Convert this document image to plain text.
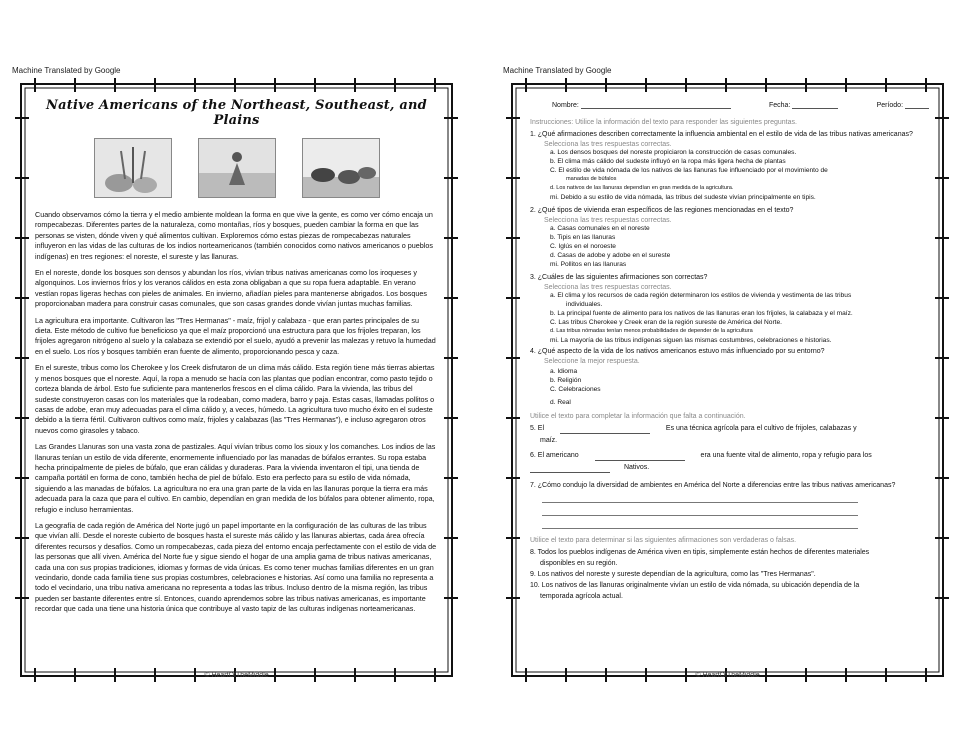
Machine Translated by Google	Machine Translated by Google
Native Americans of the Northeast, Southeast, and Plains

Cuando observamos cómo la tierra y el medio ambiente moldean la forma en que vive la gente, es como ver cómo encaja un rompecabezas. Diferentes partes de la naturaleza, como montañas, ríos y bosques, pueden cambiar la forma en que las personas se visten, dónde viven y qué alimentos cultivan. Exploremos cómo estas piezas de rompecabezas naturales influyeron en las vidas de las culturas de los indios norteamericanos (también conocidos como nativos americanos o pueblos indígenas) en tres regiones: el noreste, el sureste y las llanuras.

En el noreste, donde los bosques son densos y abundan los ríos, vivían tribus nativas americanas como los iroqueses y algonquinos. Los inviernos fríos y los veranos cálidos en esta zona obligaban a que su ropa fuera adaptable. En verano vestían ropas ligeras hechas con pieles de animales. En invierno, añadían pieles para mantenerse abrigados. Los bosques proporcionaban madera para construir casas comunales, que son casas grandes donde vivían juntas muchas familias.

La agricultura era importante. Cultivaron las "Tres Hermanas" - maíz, frijol y calabaza - que eran partes principales de su dieta. Este método de cultivo fue beneficioso ya que el maíz proporcionó una estructura para que los frijoles treparan, los frijoles agregaron nitrógeno al suelo y la calabaza se extendió por el suelo, ayudó a prevenir las malezas y retuvo la humedad en el suelo. Los ríos y bosques también eran fuente de alimento, proporcionando pesca y caza.

En el sureste, tribus como los Cherokee y los Creek disfrutaron de un clima más cálido. Esta región tiene más tierras abiertas y menos bosques que el noreste. Aquí, la ropa a menudo se hacía con las plantas que podían encontrar, como pasto tejido o corteza blanda de árbol. Esto fue suficiente para mantenerlos frescos en el clima cálido. Para la vivienda, las tribus del sudeste construyeron casas con los materiales que la rodeaban, como madera, barro y paja. Estas casas, llamadas pollitos o casas de adobe, eran muy adecuadas para el clima cálido y, a veces, húmedo. La agricultura tuvo mucho éxito en el sudeste debido a la tierra fértil. Cultivaron cultivos como maíz, frijoles y calabazas (las "Tres Hermanas"), e incluso agregaron otros nuevos como girasoles y tabaco.

Las Grandes Llanuras son una vasta zona de pastizales. Aquí vivían tribus como los sioux y los comanches. Los indios de las llanuras tenían un estilo de vida diferente, enormemente influenciado por las manadas de búfalos errantes. Su ropa estaba hecha principalmente de pieles de búfalo, que eran cálidas y duraderas. Para la vivienda inventaron el tipi, una tienda de campaña portátil en forma de cono, también hecha de piel de búfalo. Esto era perfecto para su estilo de vida nómada, siguiendo a las manadas de búfalos. La agricultura no era una gran parte de la vida en las llanuras porque la tierra era más adecuada para la caza que para el cultivo. En cambio, dependían en gran medida de los búfalos para obtener alimento, ropa, refugio e incluso herramientas.

La geografía de cada región de América del Norte jugó un papel importante en la configuración de las culturas de las tribus que vivían allí. Desde el noreste cubierto de bosques hasta el sureste más cálido y las llanuras abiertas, cada área ofrecía diferentes recursos y desafíos. Como un rompecabezas, cada pieza del entorno encaja perfectamente con el estilo de vida de las personas que allí viven. América del Norte fue y sigue siendo el hogar de una amplia gama de tribus nativas americanas, cada una con sus propias tradiciones, idiomas y formas de vida únicas. Es como tener muchas familias diferentes en un gran vecindario, donde cada familia tiene sus propias costumbres, celebraciones e historias. Así como una familia no representa a todo el vecindario, una tribu nativa americana no representa a todas las tribus. Incluso dentro de la misma región, las tribus pueden ser bastante diferentes entre sí. Entonces, cuando aprendemos sobre las tribus nativas americanas, es importante recordar que cada una tiene una historia única que contribuye al vasto tapiz de las culturas indígenas norteamericanas.

© HeartOfTheMiddle
Nombre:	Fecha:	Período:
Instrucciones: Utilice la información del texto para responder las siguientes preguntas.
1. ¿Qué afirmaciones describen correctamente la influencia ambiental en el estilo de vida de las tribus nativas americanas?
Selecciona las tres respuestas correctas.
a. Los densos bosques del noreste propiciaron la construcción de casas comunales.
b. El clima más cálido del sudeste influyó en la ropa más ligera hecha de plantas
C. El estilo de vida nómada de los nativos de las llanuras fue influenciado por el movimiento de
manadas de búfalos
d. Los nativos de las llanuras dependían en gran medida de la agricultura.
mi. Debido a su estilo de vida nómada, las tribus del sudeste vivían principalmente en tipis.
2. ¿Qué tipos de vivienda eran específicos de las regiones mencionadas en el texto?
Selecciona las tres respuestas correctas.
a. Casas comunales en el noreste
b. Tipis en las llanuras
C. Iglús en el noroeste
d. Casas de adobe y adobe en el sureste
mi. Pollitos en las llanuras
3. ¿Cuáles de las siguientes afirmaciones son correctas?
Selecciona las tres respuestas correctas.
a. El clima y los recursos de cada región determinaron los estilos de vivienda y vestimenta de las tribus
individuales.
b. La principal fuente de alimento para los nativos de las llanuras eran los frijoles, la calabaza y el maíz.
C. Las tribus Cherokee y Creek eran de la región sureste de América del Norte.
d. Las tribus nómadas tenían menos probabilidades de depender de la agricultura
mi. La mayoría de las tribus indígenas siguen las mismas costumbres, celebraciones e historias.
4. ¿Qué aspecto de la vida de los nativos americanos estuvo más influenciado por su entorno?
Seleccione la mejor respuesta.
a. Idioma
b. Religión
C. Celebraciones
d. Real
Utilice el texto para completar la información que falta a continuación.
5. El	Es una técnica agrícola para el cultivo de frijoles, calabazas y
maíz.
6. El americano	era una fuente vital de alimento, ropa y refugio para los
Nativos.
7. ¿Cómo condujo la diversidad de ambientes en América del Norte a diferencias entre las tribus nativas americanas?
Utilice el texto para determinar si las siguientes afirmaciones son verdaderas o falsas.
8. Todos los pueblos indígenas de América viven en tipis, simplemente están hechos de diferentes materiales
disponibles en su región.
9. Los nativos del noreste y sureste dependían de la agricultura, como las "Tres Hermanas".
10. Los nativos de las llanuras originalmente vivían un estilo de vida nómada, su ubicación dependía de la
temporada agrícola actual.
© HeartOfTheMiddle
